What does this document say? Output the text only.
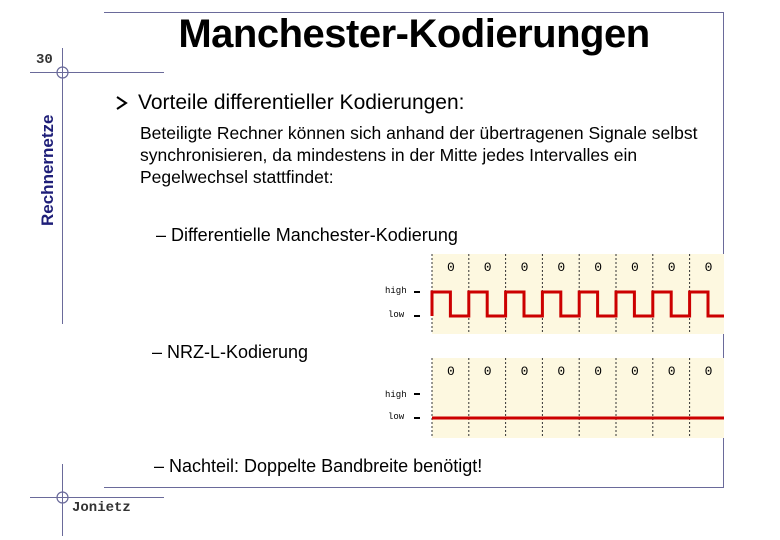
Manchester-Kodierungen
30
Rechnernetze
Jonietz
Vorteile differentieller Kodierungen:
Beteiligte Rechner können sich anhand der übertragenen Signale selbst synchronisieren, da mindestens in der Mitte jedes Intervalles ein Pegelwechsel stattfindet:
– Differentielle Manchester-Kodierung
high
low
0 0 0 0 0 0 0 0
– NRZ-L-Kodierung
high
low
0 0 0 0 0 0 0 0
– Nachteil: Doppelte Bandbreite benötigt!
